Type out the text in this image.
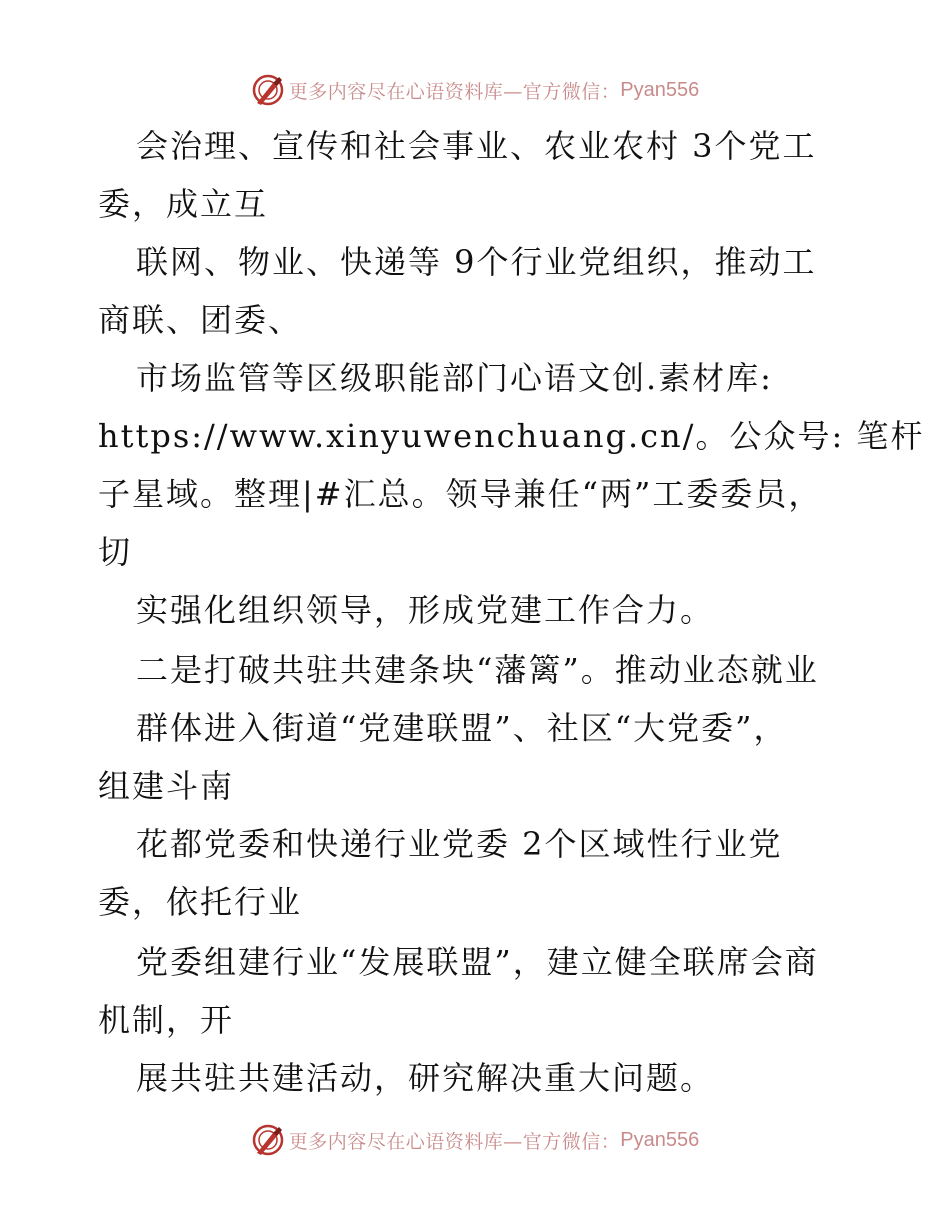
更多内容尽在心语资料库—官方微信： Pyan556
会治理、宣传和社会事业、农业农村 3个党工
委，成立互
联网、物业、快递等 9个行业党组织，推动工
商联、团委、
市场监管等区级职能部门心语文创.素材库:
https://www.xinyuwenchuang.cn/。公众号: 笔杆
子星域。整理|#汇总。领导兼任“两”工委委员，
切
实强化组织领导，形成党建工作合力。
二是打破共驻共建条块“藩篱”。推动业态就业
群体进入街道“党建联盟”、社区“大党委”，
组建斗南
花都党委和快递行业党委 2个区域性行业党
委，依托行业
党委组建行业“发展联盟”，建立健全联席会商
机制，开
展共驻共建活动，研究解决重大问题。
更多内容尽在心语资料库—官方微信： Pyan556
